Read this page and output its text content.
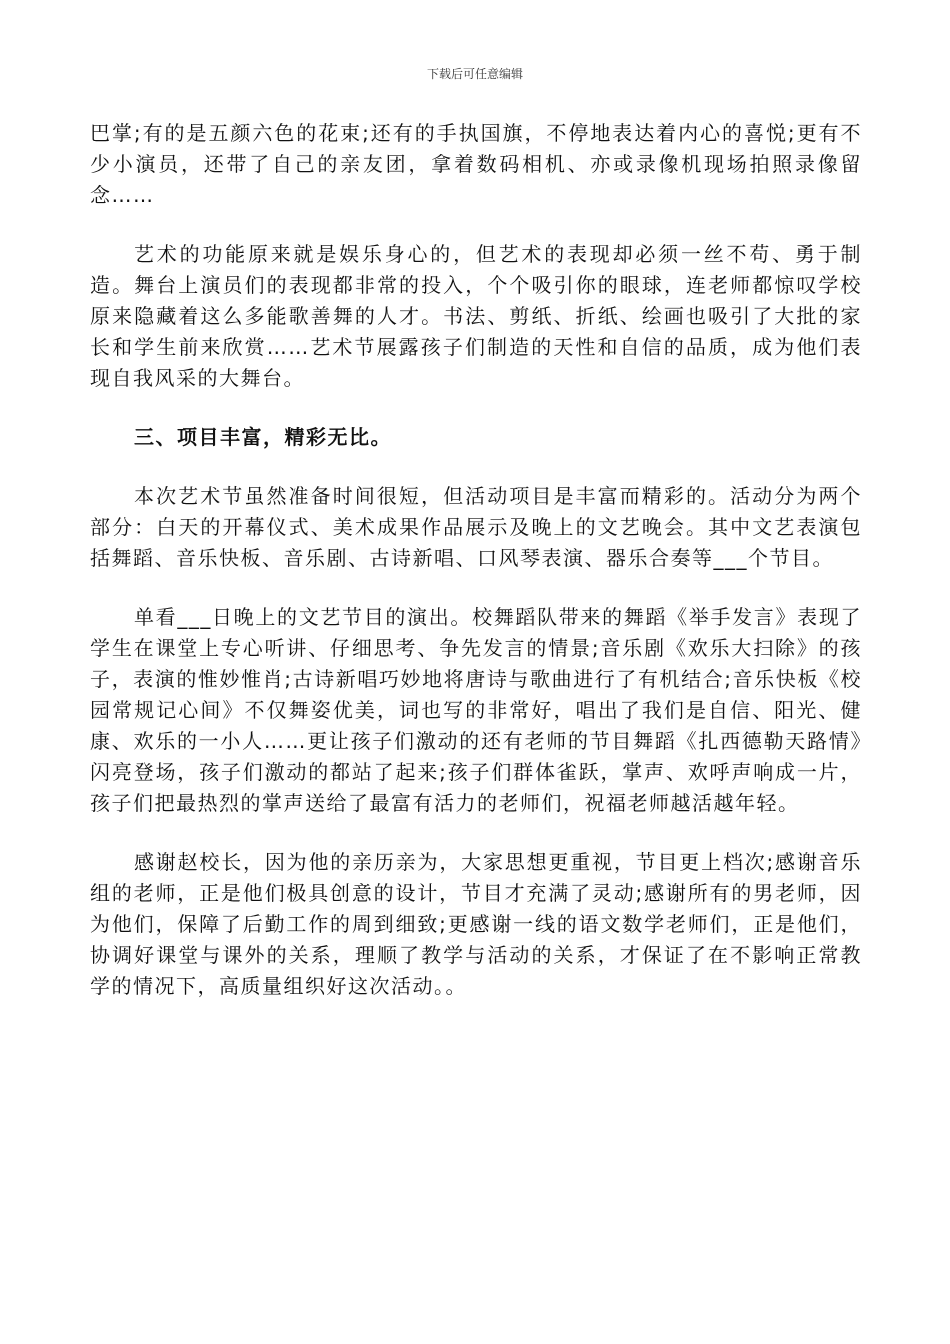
下载后可任意编辑

巴掌;有的是五颜六色的花束;还有的手执国旗，不停地表达着内心的喜悦;更有不少小演员，还带了自己的亲友团，拿着数码相机、亦或录像机现场拍照录像留念……

艺术的功能原来就是娱乐身心的，但艺术的表现却必须一丝不苟、勇于制造。舞台上演员们的表现都非常的投入，个个吸引你的眼球，连老师都惊叹学校原来隐藏着这么多能歌善舞的人才。书法、剪纸、折纸、绘画也吸引了大批的家长和学生前来欣赏……艺术节展露孩子们制造的天性和自信的品质，成为他们表现自我风采的大舞台。

三、项目丰富，精彩无比。

本次艺术节虽然准备时间很短，但活动项目是丰富而精彩的。活动分为两个部分：白天的开幕仪式、美术成果作品展示及晚上的文艺晚会。其中文艺表演包括舞蹈、音乐快板、音乐剧、古诗新唱、口风琴表演、器乐合奏等___个节目。

单看___日晚上的文艺节目的演出。校舞蹈队带来的舞蹈《举手发言》表现了学生在课堂上专心听讲、仔细思考、争先发言的情景;音乐剧《欢乐大扫除》的孩子，表演的惟妙惟肖;古诗新唱巧妙地将唐诗与歌曲进行了有机结合;音乐快板《校园常规记心间》不仅舞姿优美，词也写的非常好，唱出了我们是自信、阳光、健康、欢乐的一小人……更让孩子们激动的还有老师的节目舞蹈《扎西德勒天路情》闪亮登场，孩子们激动的都站了起来;孩子们群体雀跃，掌声、欢呼声响成一片，孩子们把最热烈的掌声送给了最富有活力的老师们，祝福老师越活越年轻。

感谢赵校长，因为他的亲历亲为，大家思想更重视，节目更上档次;感谢音乐组的老师，正是他们极具创意的设计，节目才充满了灵动;感谢所有的男老师，因为他们，保障了后勤工作的周到细致;更感谢一线的语文数学老师们，正是他们，协调好课堂与课外的关系，理顺了教学与活动的关系，才保证了在不影响正常教学的情况下，高质量组织好这次活动。。
